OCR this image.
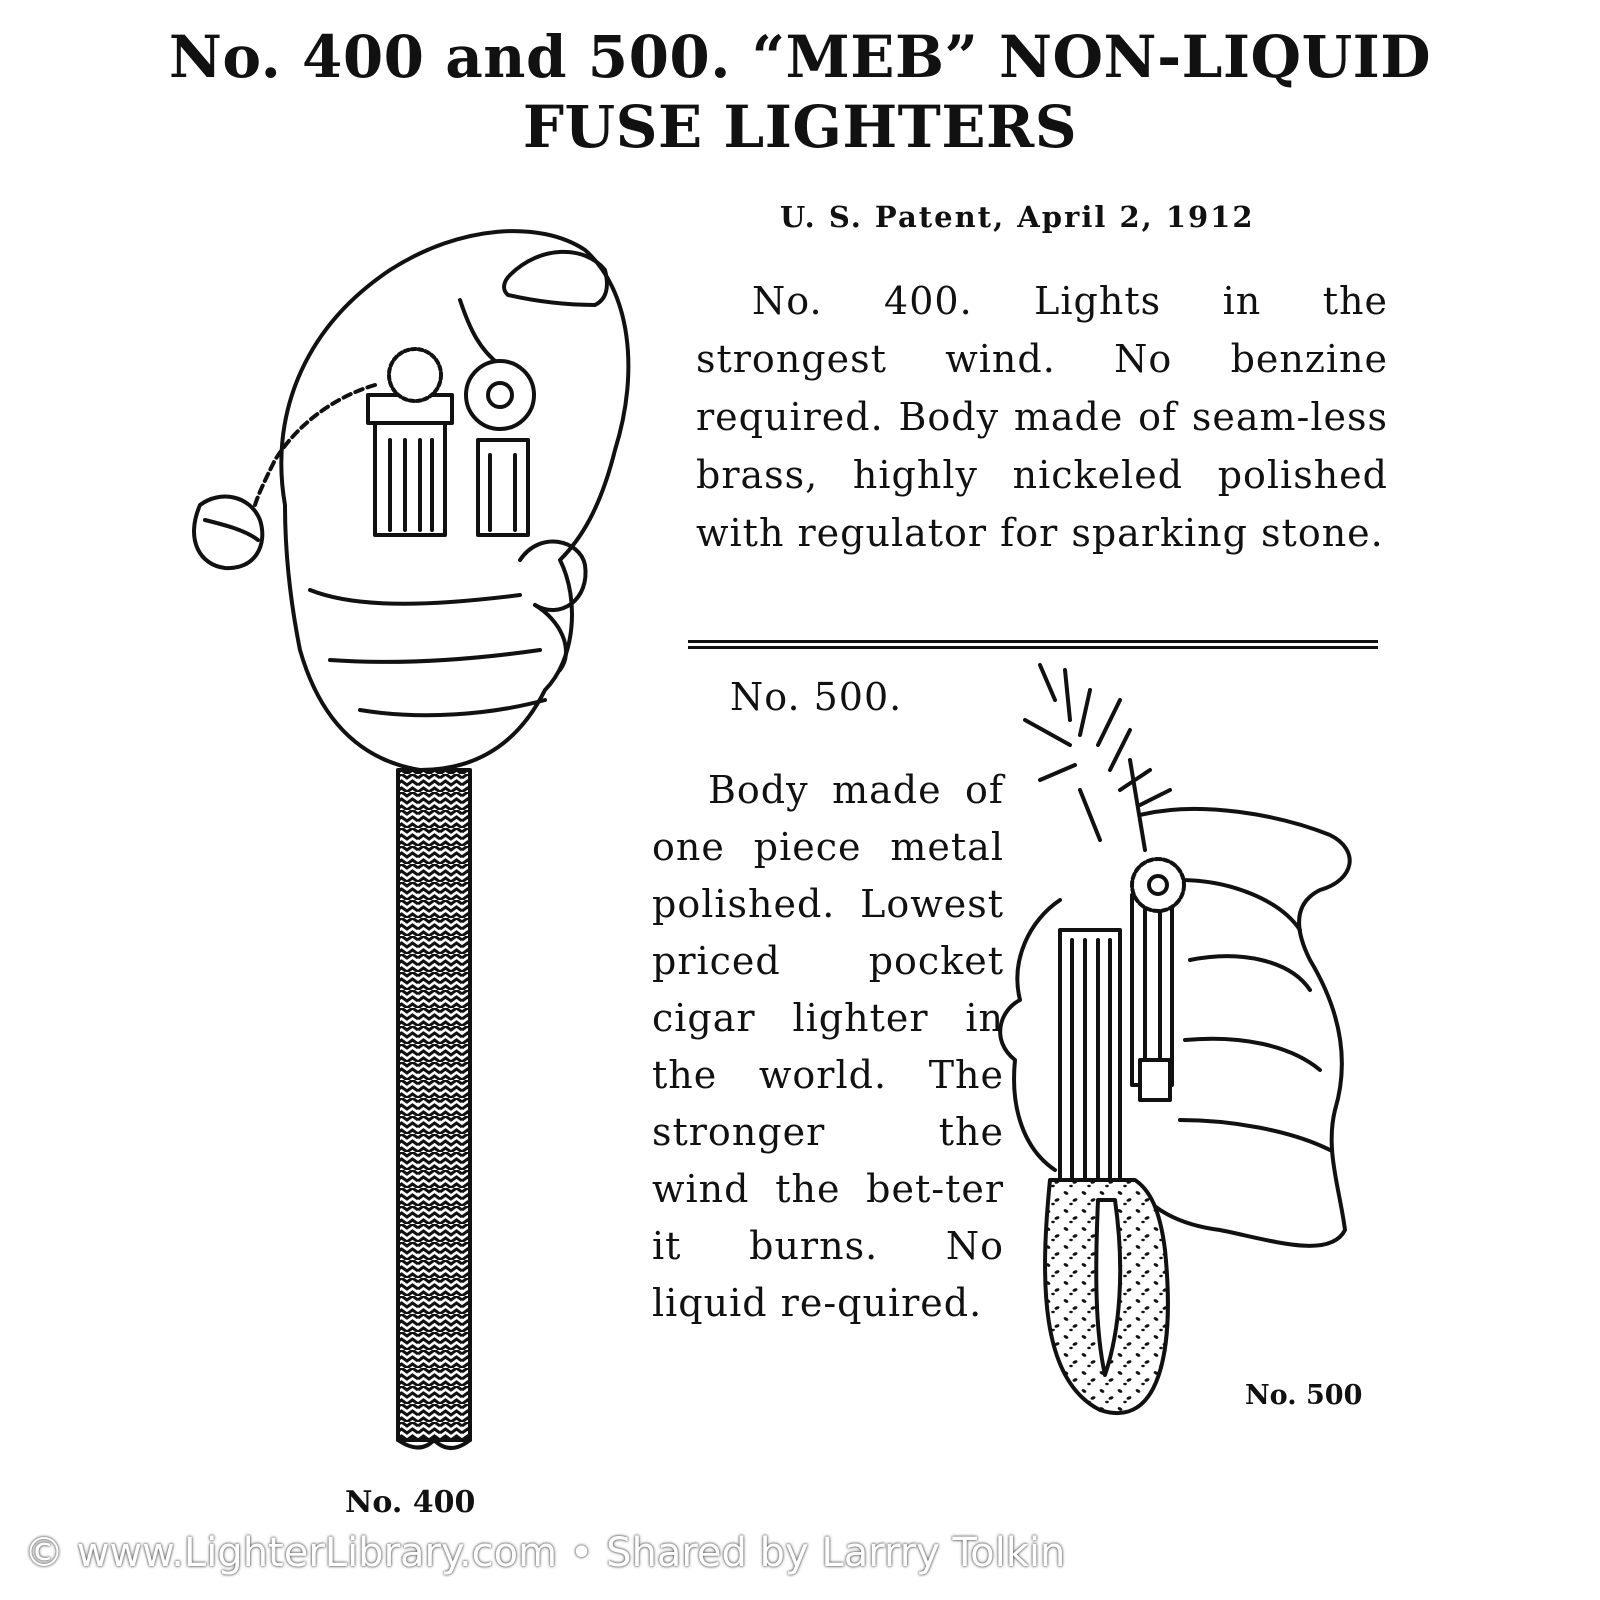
No. 400 and 500. “MEB” NON-LIQUID
FUSE LIGHTERS
U. S. Patent, April 2, 1912
No. 400. Lights in the strongest wind. No benzine required. Body made of seam-less brass, highly nickeled polished with regulator for sparking stone.
No. 500.
Body made of one piece metal polished. Lowest priced pocket cigar lighter in the world. The stronger the wind the bet-ter it burns. No liquid re-quired.
No. 400
No. 500
© www.LighterLibrary.com • Shared by Larrry Tolkin
